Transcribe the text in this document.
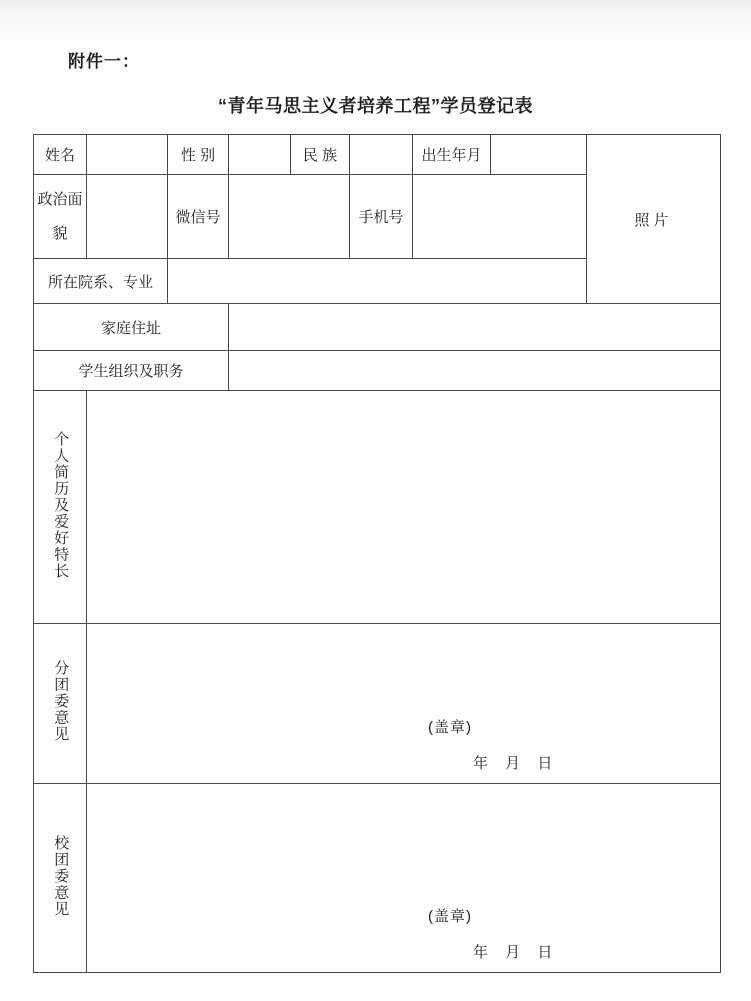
附件一：
“青年马思主义者培养工程”学员登记表
姓名		性 别		民 族		出生年月		照片
政治面貌		微信号			手机号			
所在院系、专业								
家庭住址								
学生组织及职务								
个人简历及爱好特长								
分团委意见	(盖章)
年 月 日							

校团委意见	(盖章)
年 月 日							
